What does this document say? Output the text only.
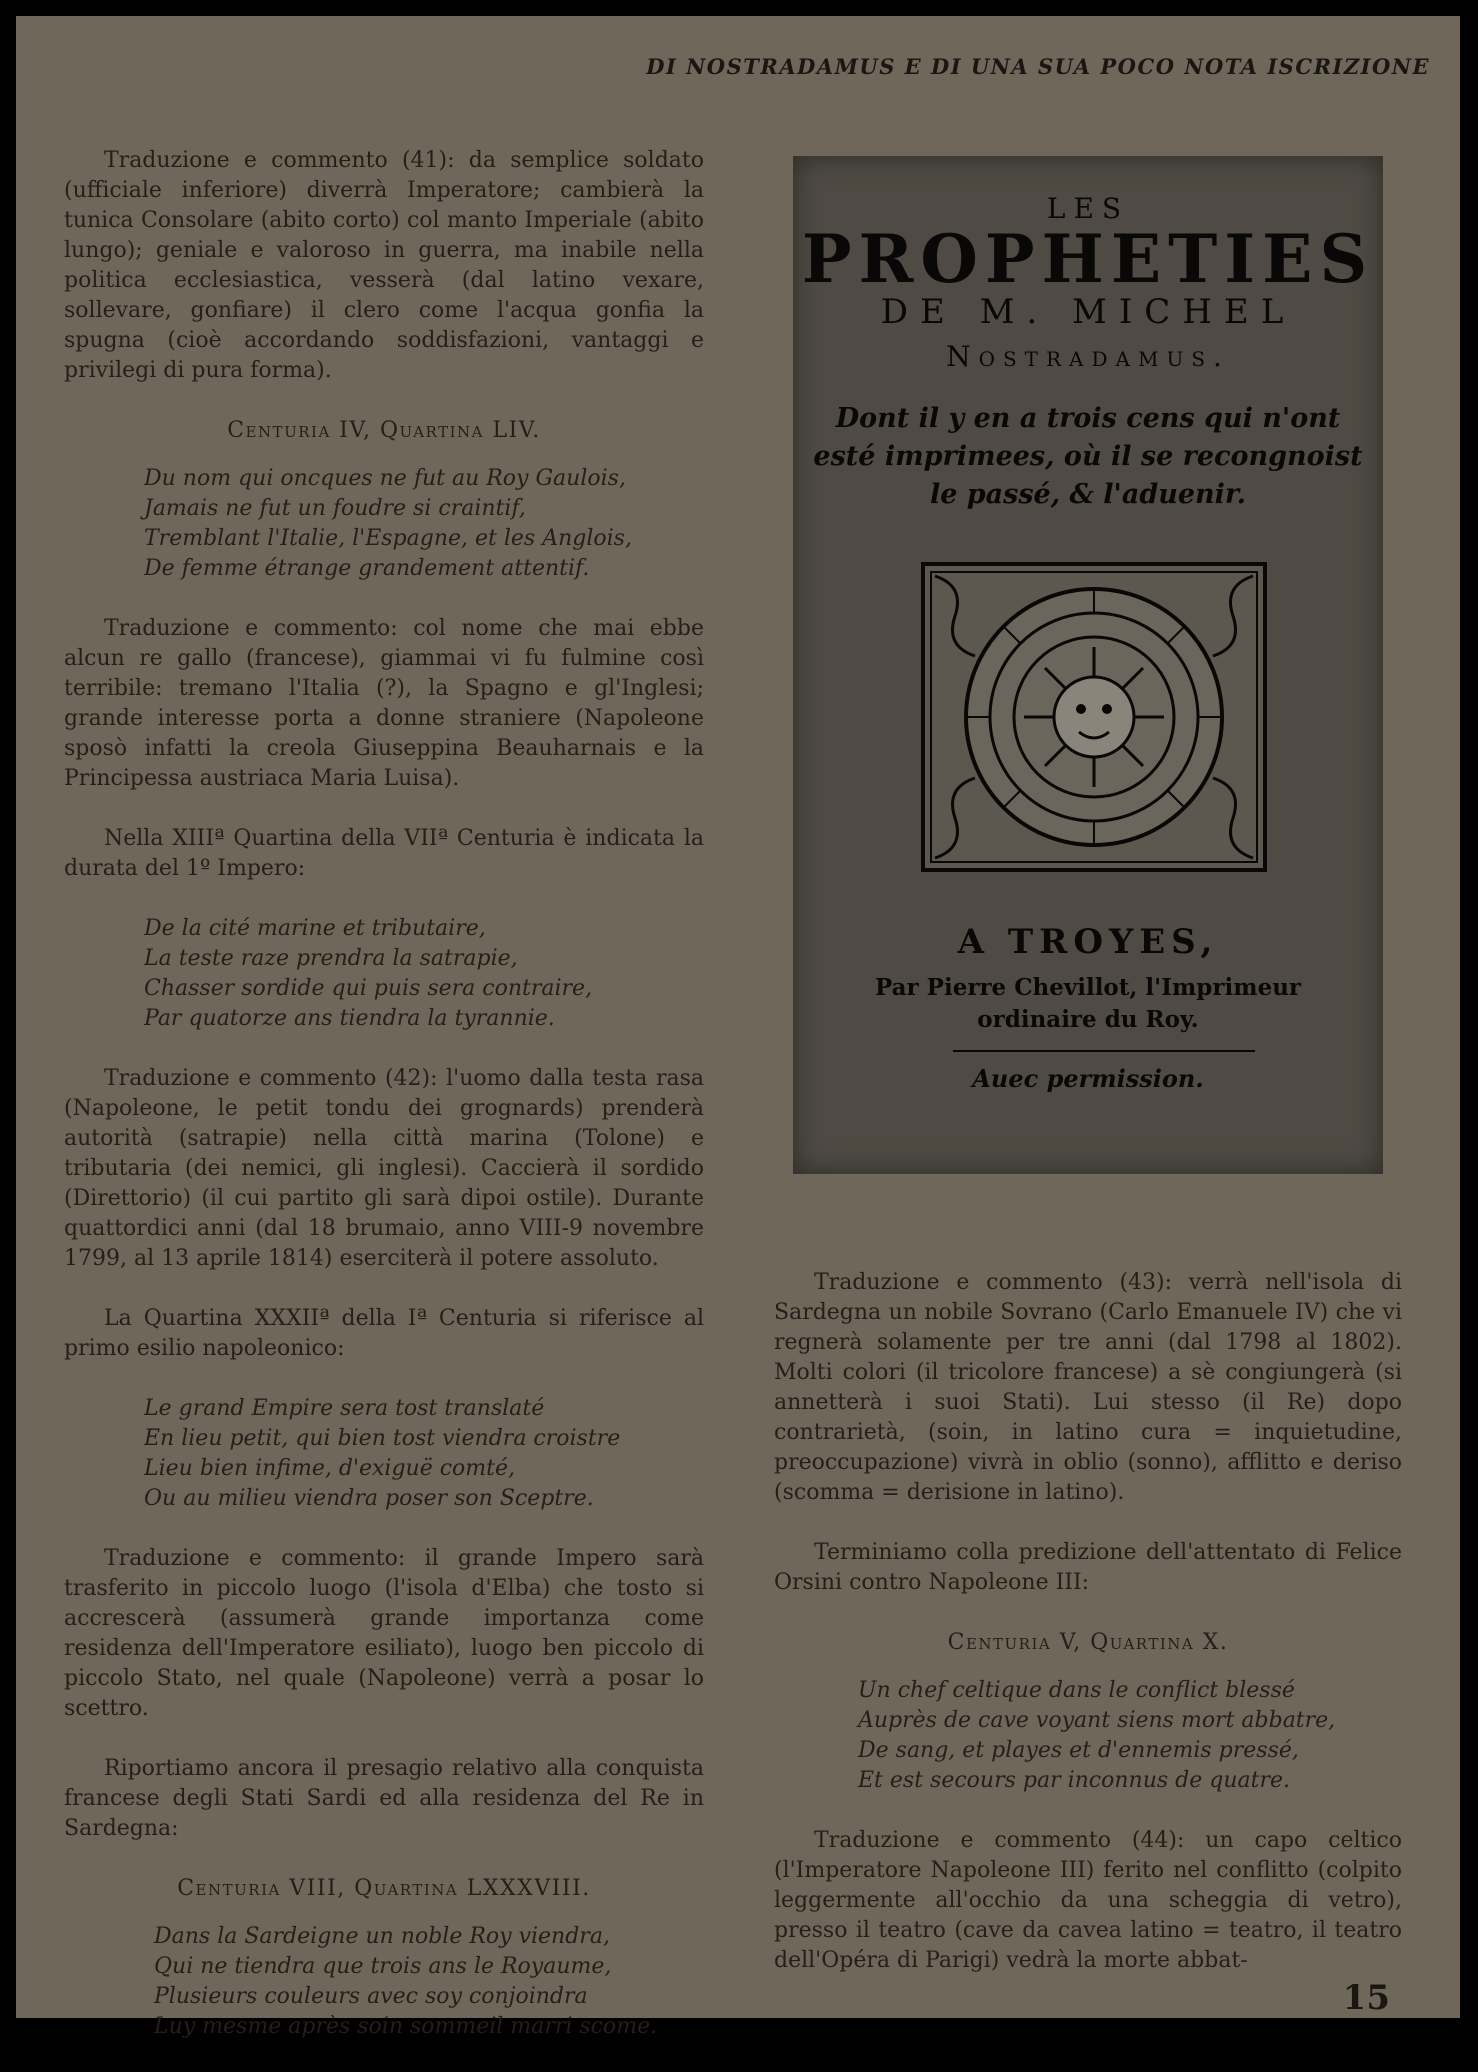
DI NOSTRADAMUS E DI UNA SUA POCO NOTA ISCRIZIONE

Traduzione e commento (41): da semplice soldato (ufficiale inferiore) diverrà Imperatore; cambierà la tunica Consolare (abito corto) col manto Imperiale (abito lungo); geniale e valoroso in guerra, ma inabile nella politica ecclesiastica, vesserà (dal latino vexare, sollevare, gonfiare) il clero come l'acqua gonfia la spugna (cioè accordando soddisfazioni, vantaggi e privilegi di pura forma).

Centuria IV, Quartina LIV.
Du nom qui oncques ne fut au Roy Gaulois,
Jamais ne fut un foudre si craintif,
Tremblant l'Italie, l'Espagne, et les Anglois,
De femme étrange grandement attentif.

Traduzione e commento: col nome che mai ebbe alcun re gallo (francese), giammai vi fu fulmine così terribile: tremano l'Italia (?), la Spagno e gl'Inglesi; grande interesse porta a donne straniere (Napoleone sposò infatti la creola Giuseppina Beauharnais e la Principessa austriaca Maria Luisa).

Nella XIIIª Quartina della VIIª Centuria è indicata la durata del 1º Impero:

De la cité marine et tributaire,
La teste raze prendra la satrapie,
Chasser sordide qui puis sera contraire,
Par quatorze ans tiendra la tyrannie.

Traduzione e commento (42): l'uomo dalla testa rasa (Napoleone, le petit tondu dei grognards) prenderà autorità (satrapie) nella città marina (Tolone) e tributaria (dei nemici, gli inglesi). Caccierà il sordido (Direttorio) (il cui partito gli sarà dipoi ostile). Durante quattordici anni (dal 18 brumaio, anno VIII-9 novembre 1799, al 13 aprile 1814) eserciterà il potere assoluto.

La Quartina XXXIIª della Iª Centuria si riferisce al primo esilio napoleonico:

Le grand Empire sera tost translaté
En lieu petit, qui bien tost viendra croistre
Lieu bien infime, d'exiguë comté,
Ou au milieu viendra poser son Sceptre.

Traduzione e commento: il grande Impero sarà trasferito in piccolo luogo (l'isola d'Elba) che tosto si accrescerà (assumerà grande importanza come residenza dell'Imperatore esiliato), luogo ben piccolo di piccolo Stato, nel quale (Napoleone) verrà a posar lo scettro.

Riportiamo ancora il presagio relativo alla conquista francese degli Stati Sardi ed alla residenza del Re in Sardegna:

Centuria VIII, Quartina LXXXVIII.
Dans la Sardeigne un noble Roy viendra,
Qui ne tiendra que trois ans le Royaume,
Plusieurs couleurs avec soy conjoindra
Luy mesme après soin sommeil marri scome.
LES
PROPHETIES
DE M. MICHEL
Nostradamus.
Dont il y en a trois cens qui n'ont esté imprimees, où il se recongnoist le passé, & l'aduenir.
A TROYES,
Par Pierre Chevillot, l'Imprimeur
ordinaire du Roy.
Auec permission.

Traduzione e commento (43): verrà nell'isola di Sardegna un nobile Sovrano (Carlo Emanuele IV) che vi regnerà solamente per tre anni (dal 1798 al 1802). Molti colori (il tricolore francese) a sè congiungerà (si annetterà i suoi Stati). Lui stesso (il Re) dopo contrarietà, (soin, in latino cura = inquietudine, preoccupazione) vivrà in oblio (sonno), afflitto e deriso (scomma = derisione in latino).

Terminiamo colla predizione dell'attentato di Felice Orsini contro Napoleone III:

Centuria V, Quartina X.
Un chef celtique dans le conflict blessé
Auprès de cave voyant siens mort abbatre,
De sang, et playes et d'ennemis pressé,
Et est secours par inconnus de quatre.

Traduzione e commento (44): un capo celtico (l'Imperatore Napoleone III) ferito nel conflitto (colpito leggermente all'occhio da una scheggia di vetro), presso il teatro (cave da cavea latino = teatro, il teatro dell'Opéra di Parigi) vedrà la morte abbat-

15
